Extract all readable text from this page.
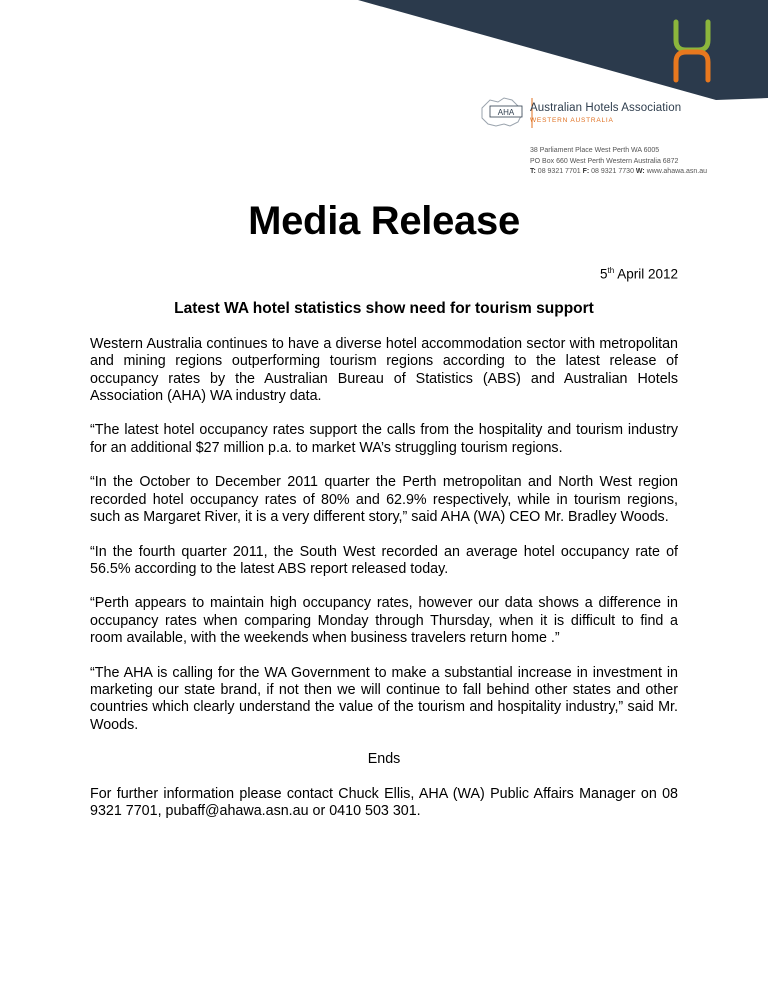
AHA Australian Hotels Association
WESTERN AUSTRALIA
38 Parliament Place West Perth WA 6005
PO Box 660 West Perth Western Australia 6872
T: 08 9321 7701 F: 08 9321 7730 W: www.ahawa.asn.au
Media Release
5th April 2012
Latest WA hotel statistics show need for tourism support

Western Australia continues to have a diverse hotel accommodation sector with metropolitan and mining regions outperforming tourism regions according to the latest release of occupancy rates by the Australian Bureau of Statistics (ABS) and Australian Hotels Association (AHA) WA industry data.

“The latest hotel occupancy rates support the calls from the hospitality and tourism industry for an additional $27 million p.a. to market WA’s struggling tourism regions.

“In the October to December 2011 quarter the Perth metropolitan and North West region recorded hotel occupancy rates of 80% and 62.9% respectively, while in tourism regions, such as Margaret River, it is a very different story,” said AHA (WA) CEO Mr. Bradley Woods.

“In the fourth quarter 2011, the South West recorded an average hotel occupancy rate of 56.5% according to the latest ABS report released today.

“Perth appears to maintain high occupancy rates, however our data shows a difference in occupancy rates when comparing Monday through Thursday, when it is difficult to find a room available, with the weekends when business travelers return home .”

“The AHA is calling for the WA Government to make a substantial increase in investment in marketing our state brand, if not then we will continue to fall behind other states and other countries which clearly understand the value of the tourism and hospitality industry,” said Mr. Woods.

Ends

For further information please contact Chuck Ellis, AHA (WA) Public Affairs Manager on 08 9321 7701, pubaff@ahawa.asn.au or 0410 503 301.
